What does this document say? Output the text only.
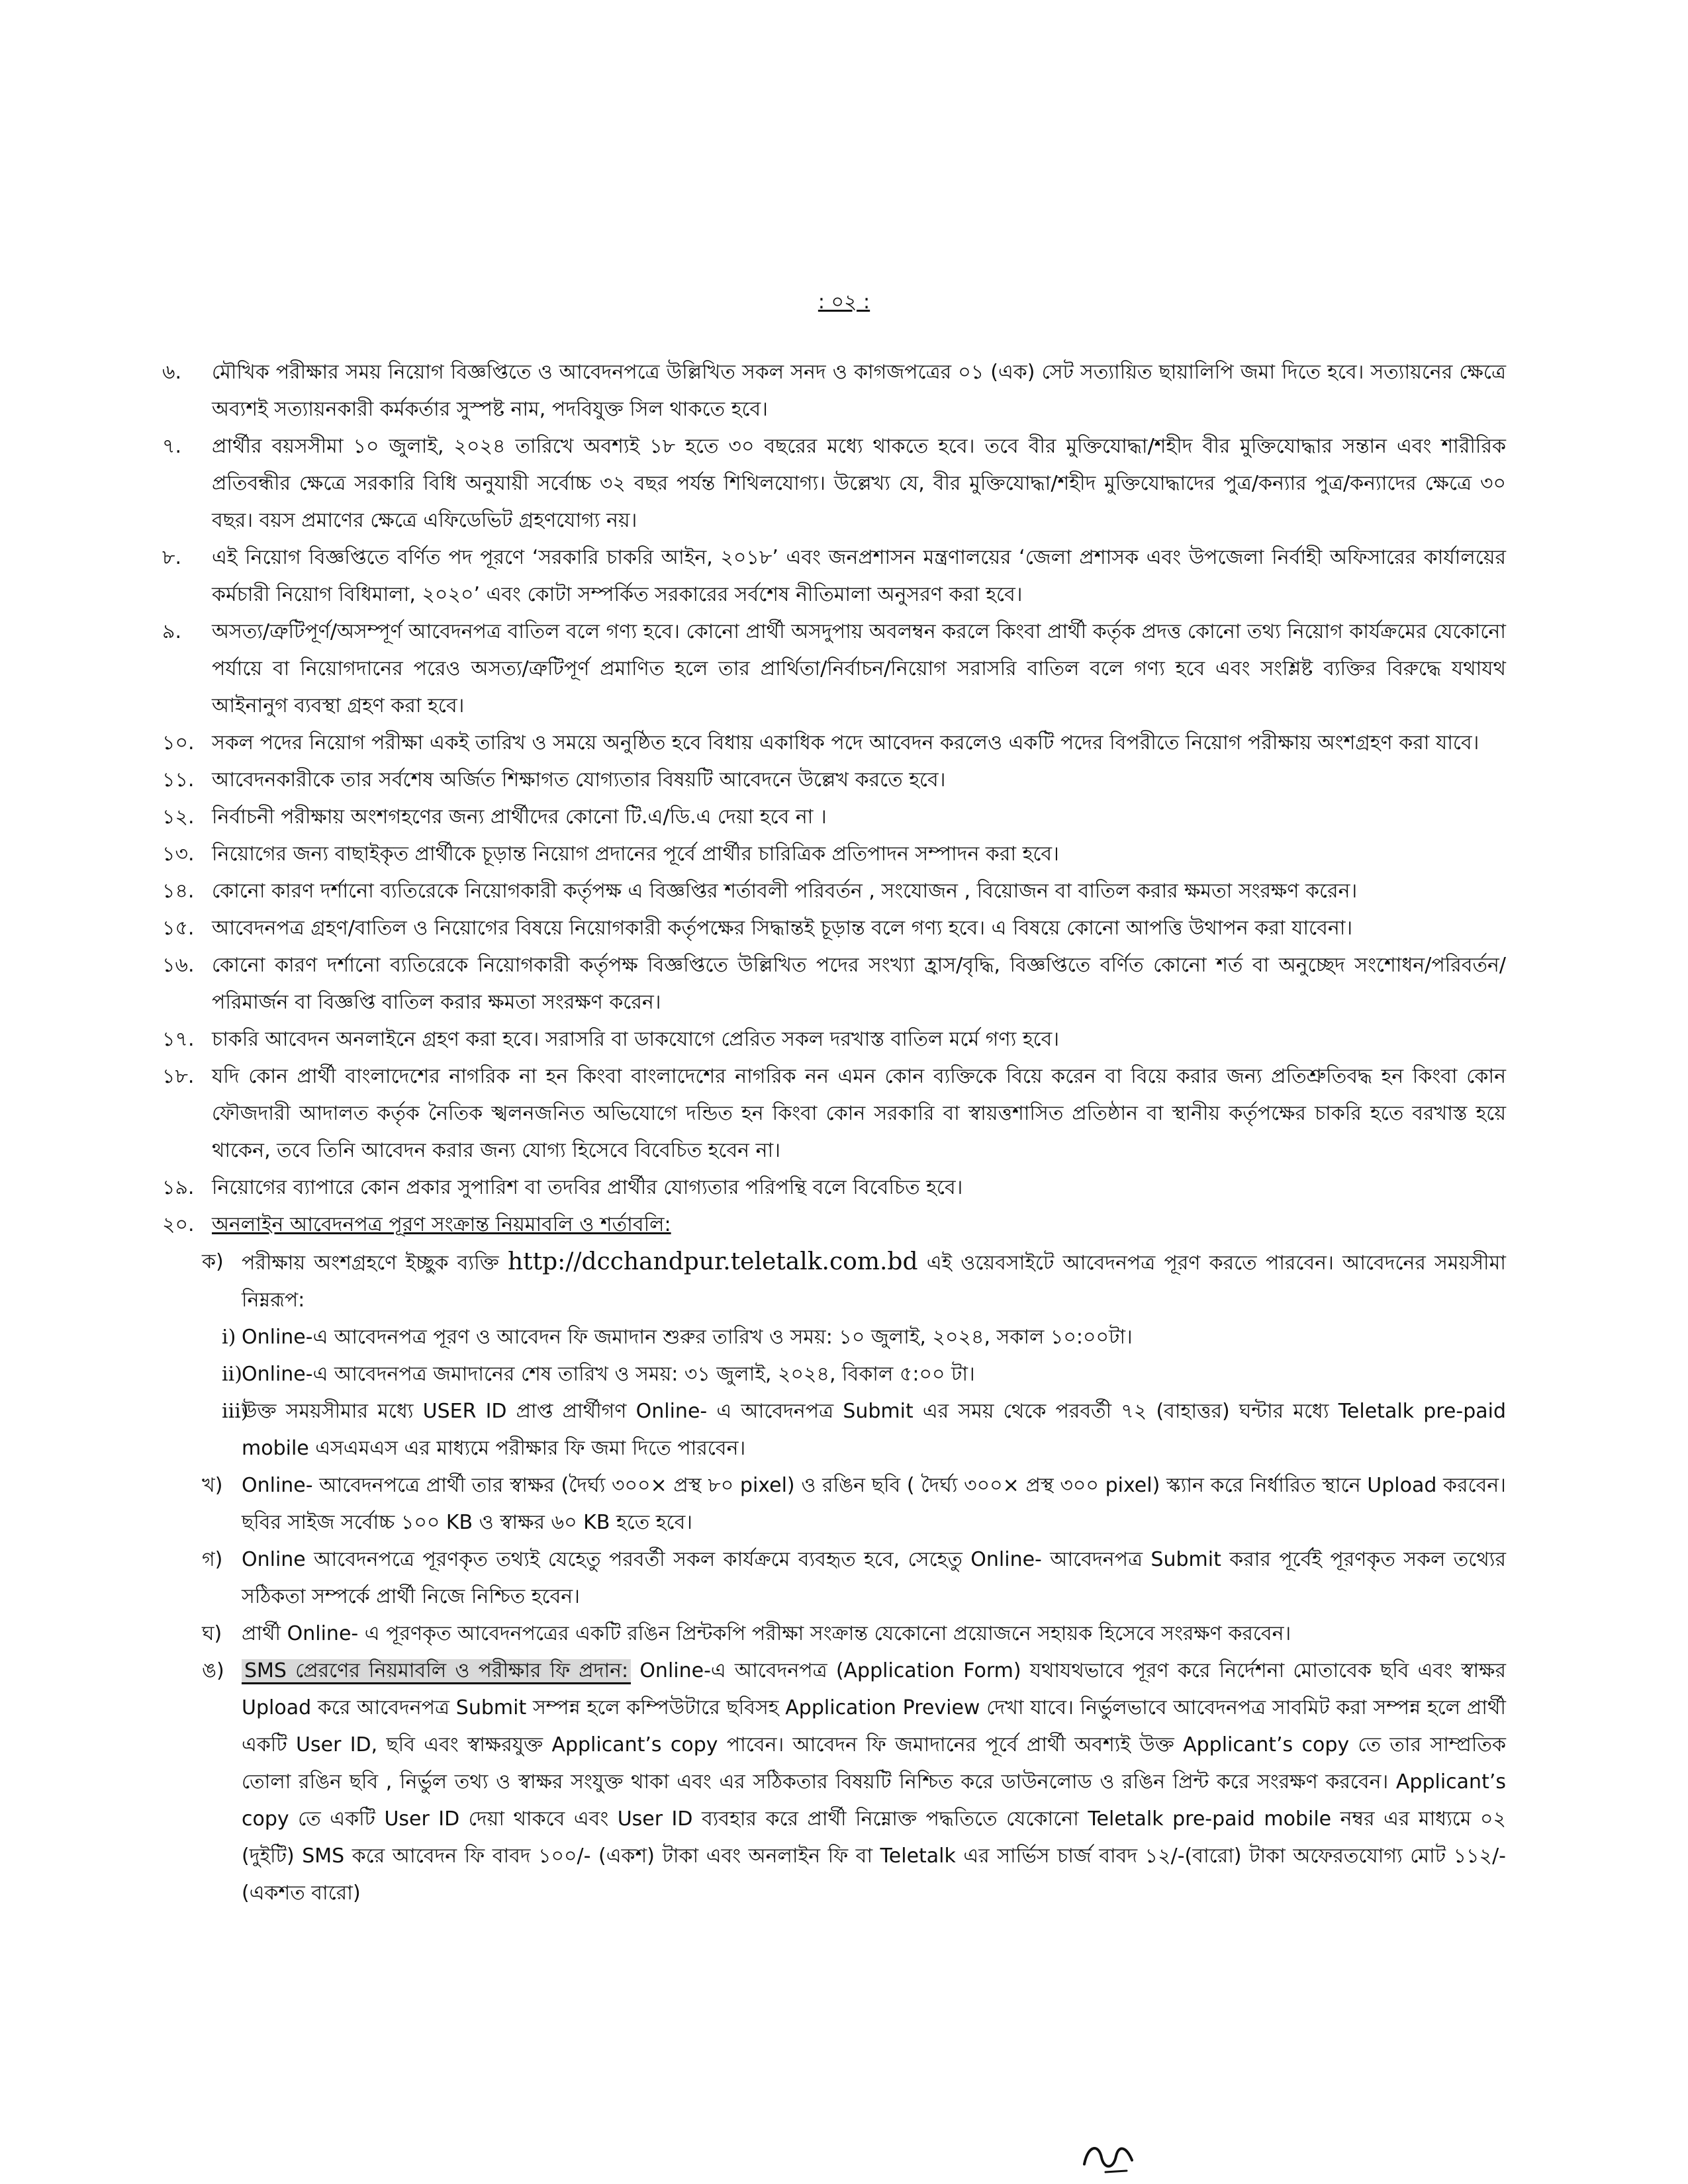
: ০২ :
৬. মৌখিক পরীক্ষার সময় নিয়োগ বিজ্ঞপ্তিতে ও আবেদনপত্রে উল্লিখিত সকল সনদ ও কাগজপত্রের ০১ (এক) সেট সত্যায়িত ছায়ালিপি জমা দিতে হবে। সত্যায়নের ক্ষেত্রে অব্যশই সত্যায়নকারী কর্মকর্তার সুস্পষ্ট নাম, পদবিযুক্ত সিল থাকতে হবে।
৭. প্রার্থীর বয়সসীমা ১০ জুলাই, ২০২৪ তারিখে অবশ্যই ১৮ হতে ৩০ বছরের মধ্যে থাকতে হবে। তবে বীর মুক্তিযোদ্ধা/শহীদ বীর মুক্তিযোদ্ধার সন্তান এবং শারীরিক প্রতিবন্ধীর ক্ষেত্রে সরকারি বিধি অনুযায়ী সর্বোচ্চ ৩২ বছর পর্যন্ত শিথিলযোগ্য। উল্লেখ্য যে, বীর মুক্তিযোদ্ধা/শহীদ মুক্তিযোদ্ধাদের পুত্র/কন্যার পুত্র/কন্যাদের ক্ষেত্রে ৩০ বছর। বয়স প্রমাণের ক্ষেত্রে এফিডেভিট গ্রহণযোগ্য নয়।
৮. এই নিয়োগ বিজ্ঞপ্তিতে বর্ণিত পদ পূরণে ‘সরকারি চাকরি আইন, ২০১৮’ এবং জনপ্রশাসন মন্ত্রণালয়ের ‘জেলা প্রশাসক এবং উপজেলা নির্বাহী অফিসারের কার্যালয়ের কর্মচারী নিয়োগ বিধিমালা, ২০২০’ এবং কোটা সম্পর্কিত সরকারের সর্বশেষ নীতিমালা অনুসরণ করা হবে।
৯. অসত্য/ত্রুটিপূর্ণ/অসম্পূর্ণ আবেদনপত্র বাতিল বলে গণ্য হবে। কোনো প্রার্থী অসদুপায় অবলম্বন করলে কিংবা প্রার্থী কর্তৃক প্রদত্ত কোনো তথ্য নিয়োগ কার্যক্রমের যেকোনো পর্যায়ে বা নিয়োগদানের পরেও অসত্য/ত্রুটিপূর্ণ প্রমাণিত হলে তার প্রার্থিতা/নির্বাচন/নিয়োগ সরাসরি বাতিল বলে গণ্য হবে এবং সংশ্লিষ্ট ব্যক্তির বিরুদ্ধে যথাযথ আইনানুগ ব্যবস্থা গ্রহণ করা হবে।
১০. সকল পদের নিয়োগ পরীক্ষা একই তারিখ ও সময়ে অনুষ্ঠিত হবে বিধায় একাধিক পদে আবেদন করলেও একটি পদের বিপরীতে নিয়োগ পরীক্ষায় অংশগ্রহণ করা যাবে।
১১. আবেদনকারীকে তার সর্বশেষ অর্জিত শিক্ষাগত যোগ্যতার বিষয়টি আবেদনে উল্লেখ করতে হবে।
১২. নির্বাচনী পরীক্ষায় অংশগহণের জন্য প্রার্থীদের কোনো টি.এ/ডি.এ দেয়া হবে না ।
১৩. নিয়োগের জন্য বাছাইকৃত প্রার্থীকে চূড়ান্ত নিয়োগ প্রদানের পূর্বে প্রার্থীর চারিত্রিক প্রতিপাদন সম্পাদন করা হবে।
১৪. কোনো কারণ দর্শানো ব্যতিরেকে নিয়োগকারী কর্তৃপক্ষ এ বিজ্ঞপ্তির শর্তাবলী পরিবর্তন , সংযোজন , বিয়োজন বা বাতিল করার ক্ষমতা সংরক্ষণ করেন।
১৫. আবেদনপত্র গ্রহণ/বাতিল ও নিয়োগের বিষয়ে নিয়োগকারী কর্তৃপক্ষের সিদ্ধান্তই চূড়ান্ত বলে গণ্য হবে। এ বিষয়ে কোনো আপত্তি উথাপন করা যাবেনা।
১৬. কোনো কারণ দর্শানো ব্যতিরেকে নিয়োগকারী কর্তৃপক্ষ বিজ্ঞপ্তিতে উল্লিখিত পদের সংখ্যা হ্রাস/বৃদ্ধি, বিজ্ঞপ্তিতে বর্ণিত কোনো শর্ত বা অনুচ্ছেদ সংশোধন/পরিবর্তন/পরিমার্জন বা বিজ্ঞপ্তি বাতিল করার ক্ষমতা সংরক্ষণ করেন।
১৭. চাকরি আবেদন অনলাইনে গ্রহণ করা হবে। সরাসরি বা ডাকযোগে প্রেরিত সকল দরখাস্ত বাতিল মর্মে গণ্য হবে।
১৮. যদি কোন প্রার্থী বাংলাদেশের নাগরিক না হন কিংবা বাংলাদেশের নাগরিক নন এমন কোন ব্যক্তিকে বিয়ে করেন বা বিয়ে করার জন্য প্রতিশ্রুতিবদ্ধ হন কিংবা কোন ফৌজদারী আদালত কর্তৃক নৈতিক স্খলনজনিত অভিযোগে দন্ডিত হন কিংবা কোন সরকারি বা স্বায়ত্তশাসিত প্রতিষ্ঠান বা স্থানীয় কর্তৃপক্ষের চাকরি হতে বরখাস্ত হয়ে থাকেন, তবে তিনি আবেদন করার জন্য যোগ্য হিসেবে বিবেচিত হবেন না।
১৯. নিয়োগের ব্যাপারে কোন প্রকার সুপারিশ বা তদবির প্রার্থীর যোগ্যতার পরিপন্থি বলে বিবেচিত হবে।
২০. অনলাইন আবেদনপত্র পূরণ সংক্রান্ত নিয়মাবলি ও শর্তাবলি:
ক) পরীক্ষায় অংশগ্রহণে ইচ্ছুক ব্যক্তি http://dcchandpur.teletalk.com.bd এই ওয়েবসাইটে আবেদনপত্র পূরণ করতে পারবেন। আবেদনের সময়সীমা নিম্নরূপ:
i) Online-এ আবেদনপত্র পূরণ ও আবেদন ফি জমাদান শুরুর তারিখ ও সময়: ১০ জুলাই, ২০২৪, সকাল ১০:০০টা।
ii) Online-এ আবেদনপত্র জমাদানের শেষ তারিখ ও সময়: ৩১ জুলাই, ২০২৪, বিকাল ৫:০০ টা।
iii)
উক্ত সময়সীমার মধ্যে USER ID প্রাপ্ত প্রার্থীগণ Online- এ আবেদনপত্র Submit এর সময় থেকে পরবর্তী ৭২ (বাহাত্তর) ঘন্টার মধ্যে Teletalk pre-paid mobile এসএমএস এর মাধ্যমে পরীক্ষার ফি জমা দিতে পারবেন।
খ) Online- আবেদনপত্রে প্রার্থী তার স্বাক্ষর (দৈর্ঘ্য ৩০০× প্রস্থ ৮০ pixel) ও রঙিন ছবি ( দৈর্ঘ্য ৩০০× প্রস্থ ৩০০ pixel) স্ক্যান করে নির্ধারিত স্থানে Upload করবেন। ছবির সাইজ সর্বোচ্চ ১০০ KB ও স্বাক্ষর ৬০ KB হতে হবে।
গ) Online আবেদনপত্রে পূরণকৃত তথ্যই যেহেতু পরবর্তী সকল কার্যক্রমে ব্যবহৃত হবে, সেহেতু Online- আবেদনপত্র Submit করার পূর্বেই পূরণকৃত সকল তথ্যের সঠিকতা সম্পর্কে প্রার্থী নিজে নিশ্চিত হবেন।
ঘ) প্রার্থী Online- এ পূরণকৃত আবেদনপত্রের একটি রঙিন প্রিন্টকপি পরীক্ষা সংক্রান্ত যেকোনো প্রয়োজনে সহায়ক হিসেবে সংরক্ষণ করবেন।
ঙ) SMS প্রেরণের নিয়মাবলি ও পরীক্ষার ফি প্রদান: Online-এ আবেদনপত্র (Application Form) যথাযথভাবে পূরণ করে নির্দেশনা মোতাবেক ছবি এবং স্বাক্ষর Upload করে আবেদনপত্র Submit সম্পন্ন হলে কম্পিউটারে ছবিসহ Application Preview দেখা যাবে। নির্ভুলভাবে আবেদনপত্র সাবমিট করা সম্পন্ন হলে প্রার্থী একটি User ID, ছবি এবং স্বাক্ষরযুক্ত Applicant’s copy পাবেন। আবেদন ফি জমাদানের পূর্বে প্রার্থী অবশ্যই উক্ত Applicant’s copy তে তার সাম্প্রতিক তোলা রঙিন ছবি , নির্ভুল তথ্য ও স্বাক্ষর সংযুক্ত থাকা এবং এর সঠিকতার বিষয়টি নিশ্চিত করে ডাউনলোড ও রঙিন প্রিন্ট করে সংরক্ষণ করবেন। Applicant’s copy তে একটি User ID দেয়া থাকবে এবং User ID ব্যবহার করে প্রার্থী নিম্নোক্ত পদ্ধতিতে যেকোনো Teletalk pre-paid mobile নম্বর এর মাধ্যমে ০২ (দুইটি) SMS করে আবেদন ফি বাবদ ১০০/- (একশ) টাকা এবং অনলাইন ফি বা Teletalk এর সার্ভিস চার্জ বাবদ ১২/-(বারো) টাকা অফেরতযোগ্য মোট ১১২/-(একশত বারো)
